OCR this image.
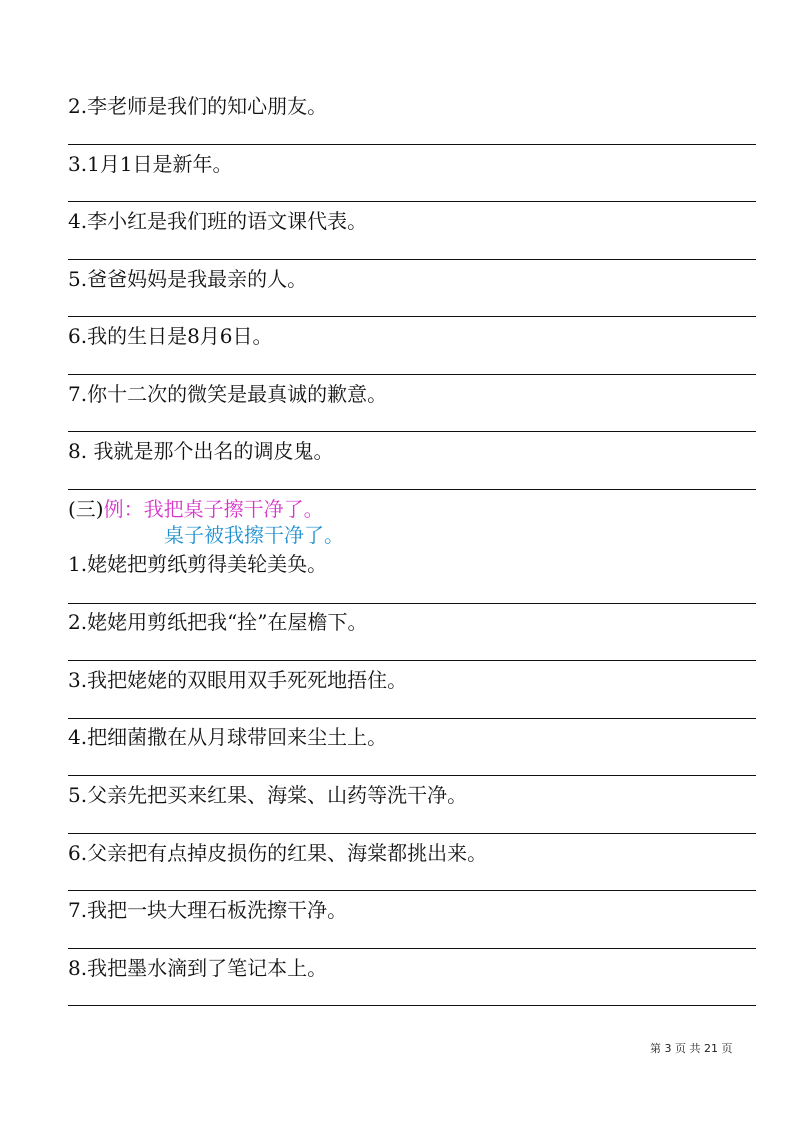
2.李老师是我们的知心朋友。
3.1月1日是新年。
4.李小红是我们班的语文课代表。
5.爸爸妈妈是我最亲的人。
6.我的生日是8月6日。
7.你十二次的微笑是最真诚的歉意。
8. 我就是那个出名的调皮鬼。
(三)例：我把桌子擦干净了。
桌子被我擦干净了。
1.姥姥把剪纸剪得美轮美奂。
2.姥姥用剪纸把我“拴”在屋檐下。
3.我把姥姥的双眼用双手死死地捂住。
4.把细菌撒在从月球带回来尘土上。
5.父亲先把买来红果、海棠、山药等洗干净。
6.父亲把有点掉皮损伤的红果、海棠都挑出来。
7.我把一块大理石板洗擦干净。
8.我把墨水滴到了笔记本上。
第 3 页 共 21 页
